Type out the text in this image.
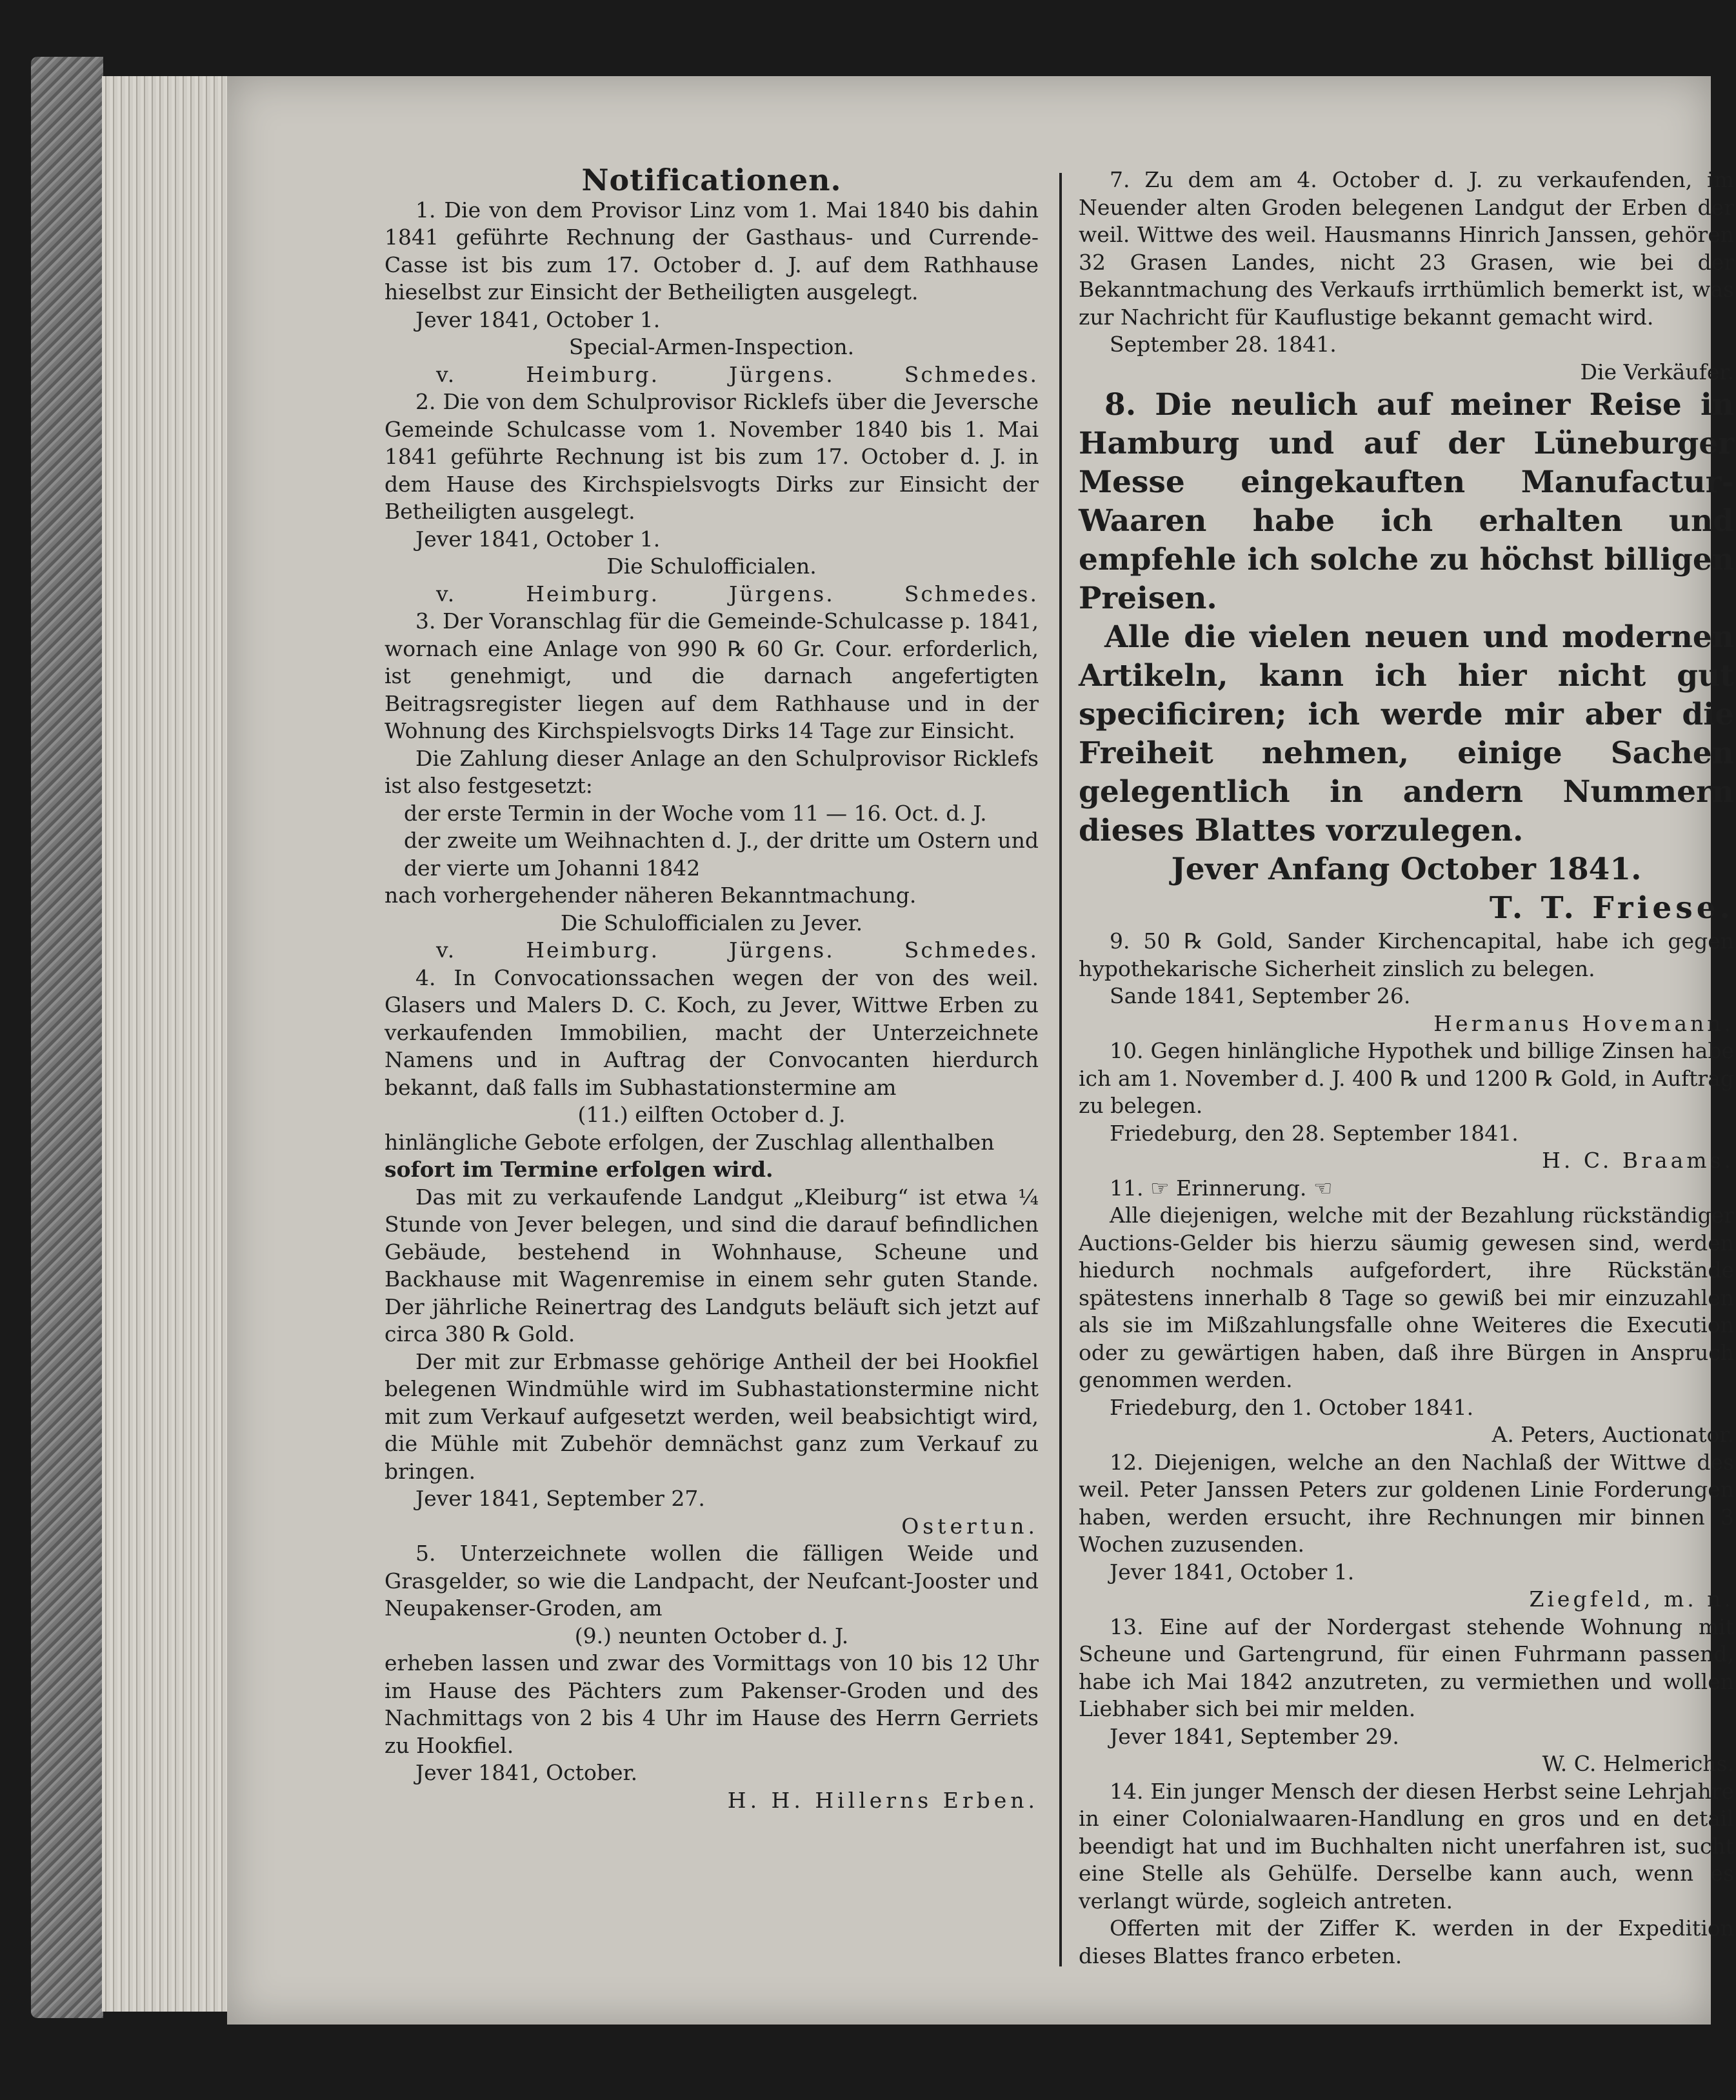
Notificationen.

1. Die von dem Provisor Linz vom 1. Mai 1840 bis dahin 1841 geführte Rechnung der Gasthaus- und Currende-Casse ist bis zum 17. October d. J. auf dem Rathhause hieselbst zur Einsicht der Betheiligten ausgelegt.

Jever 1841, October 1.

Special-Armen-Inspection.

v. Heimburg.	Jürgens.	Schmedes.

2. Die von dem Schulprovisor Ricklefs über die Jeversche Gemeinde Schulcasse vom 1. November 1840 bis 1. Mai 1841 geführte Rechnung ist bis zum 17. October d. J. in dem Hause des Kirchspielsvogts Dirks zur Einsicht der Betheiligten ausgelegt.

Jever 1841, October 1.

Die Schulofficialen.

v. Heimburg.	Jürgens.	Schmedes.

3. Der Voranschlag für die Gemeinde-Schulcasse p. 1841, wornach eine Anlage von 990 ℞ 60 Gr. Cour. erforderlich, ist genehmigt, und die darnach angefertigten Beitragsregister liegen auf dem Rathhause und in der Wohnung des Kirchspielsvogts Dirks 14 Tage zur Einsicht.

Die Zahlung dieser Anlage an den Schulprovisor Ricklefs ist also festgesetzt:

der erste Termin in der Woche vom 11 — 16. Oct. d. J.

der zweite um Weihnachten d. J., der dritte um Ostern und der vierte um Johanni 1842

nach vorhergehender näheren Bekanntmachung.

Die Schulofficialen zu Jever.

v. Heimburg.	Jürgens.	Schmedes.

4. In Convocationssachen wegen der von des weil. Glasers und Malers D. C. Koch, zu Jever, Wittwe Erben zu verkaufenden Immobilien, macht der Unterzeichnete Namens und in Auftrag der Convocanten hierdurch bekannt, daß falls im Subhastationstermine am

(11.) eilften October d. J.

hinlängliche Gebote erfolgen, der Zuschlag allenthalben

sofort im Termine erfolgen wird.

Das mit zu verkaufende Landgut „Kleiburg“ ist etwa ¼ Stunde von Jever belegen, und sind die darauf befindlichen Gebäude, bestehend in Wohnhause, Scheune und Backhause mit Wagenremise in einem sehr guten Stande. Der jährliche Reinertrag des Landguts beläuft sich jetzt auf circa 380 ℞ Gold.

Der mit zur Erbmasse gehörige Antheil der bei Hookfiel belegenen Windmühle wird im Subhastationstermine nicht mit zum Verkauf aufgesetzt werden, weil beabsichtigt wird, die Mühle mit Zubehör demnächst ganz zum Verkauf zu bringen.

Jever 1841, September 27.

Ostertun.

5. Unterzeichnete wollen die fälligen Weide und Grasgelder, so wie die Landpacht, der Neufcant-Jooster und Neupakenser-Groden, am

(9.) neunten October d. J.

erheben lassen und zwar des Vormittags von 10 bis 12 Uhr im Hause des Pächters zum Pakenser-Groden und des Nachmittags von 2 bis 4 Uhr im Hause des Herrn Gerriets zu Hookfiel.

Jever 1841, October.

H. H. Hillerns Erben.

7. Zu dem am 4. October d. J. zu verkaufenden, im Neuender alten Groden belegenen Landgut der Erben der weil. Wittwe des weil. Hausmanns Hinrich Janssen, gehören 32 Grasen Landes, nicht 23 Grasen, wie bei der Bekanntmachung des Verkaufs irrthümlich bemerkt ist, was zur Nachricht für Kauflustige bekannt gemacht wird.

September 28. 1841.

Die Verkäufer.

8. Die neulich auf meiner Reise in Hamburg und auf der Lüneburger Messe eingekauften Manufactur-Waaren habe ich erhalten und empfehle ich solche zu höchst billigen Preisen.

Alle die vielen neuen und modernen Artikeln, kann ich hier nicht gut specificiren; ich werde mir aber die Freiheit nehmen, einige Sachen gelegentlich in andern Nummern dieses Blattes vorzulegen.

Jever Anfang October 1841.

T. T. Friese.

9. 50 ℞ Gold, Sander Kirchencapital, habe ich gegen hypothekarische Sicherheit zinslich zu belegen.

Sande 1841, September 26.

Hermanus Hovemann.

10. Gegen hinlängliche Hypothek und billige Zinsen habe ich am 1. November d. J. 400 ℞ und 1200 ℞ Gold, in Auftrag zu belegen.

Friedeburg, den 28. September 1841.

H. C. Braams.

11. ☞ Erinnerung. ☜

Alle diejenigen, welche mit der Bezahlung rückständiger Auctions-Gelder bis hierzu säumig gewesen sind, werden hiedurch nochmals aufgefordert, ihre Rückstände spätestens innerhalb 8 Tage so gewiß bei mir einzuzahlen als sie im Mißzahlungsfalle ohne Weiteres die Execution oder zu gewärtigen haben, daß ihre Bürgen in Anspruch genommen werden.

Friedeburg, den 1. October 1841.

A. Peters, Auctionator.

12. Diejenigen, welche an den Nachlaß der Wittwe des weil. Peter Janssen Peters zur goldenen Linie Forderungen haben, werden ersucht, ihre Rechnungen mir binnen 3 Wochen zuzusenden.

Jever 1841, October 1.

Ziegfeld, m. n.

13. Eine auf der Nordergast stehende Wohnung mit Scheune und Gartengrund, für einen Fuhrmann passend, habe ich Mai 1842 anzutreten, zu vermiethen und wollen Liebhaber sich bei mir melden.

Jever 1841, September 29.

W. C. Helmerichs.

14. Ein junger Mensch der diesen Herbst seine Lehrjahre in einer Colonialwaaren-Handlung en gros und en detail beendigt hat und im Buchhalten nicht unerfahren ist, sucht eine Stelle als Gehülfe. Derselbe kann auch, wenn es verlangt würde, sogleich antreten.

Offerten mit der Ziffer K. werden in der Expedition dieses Blattes franco erbeten.
